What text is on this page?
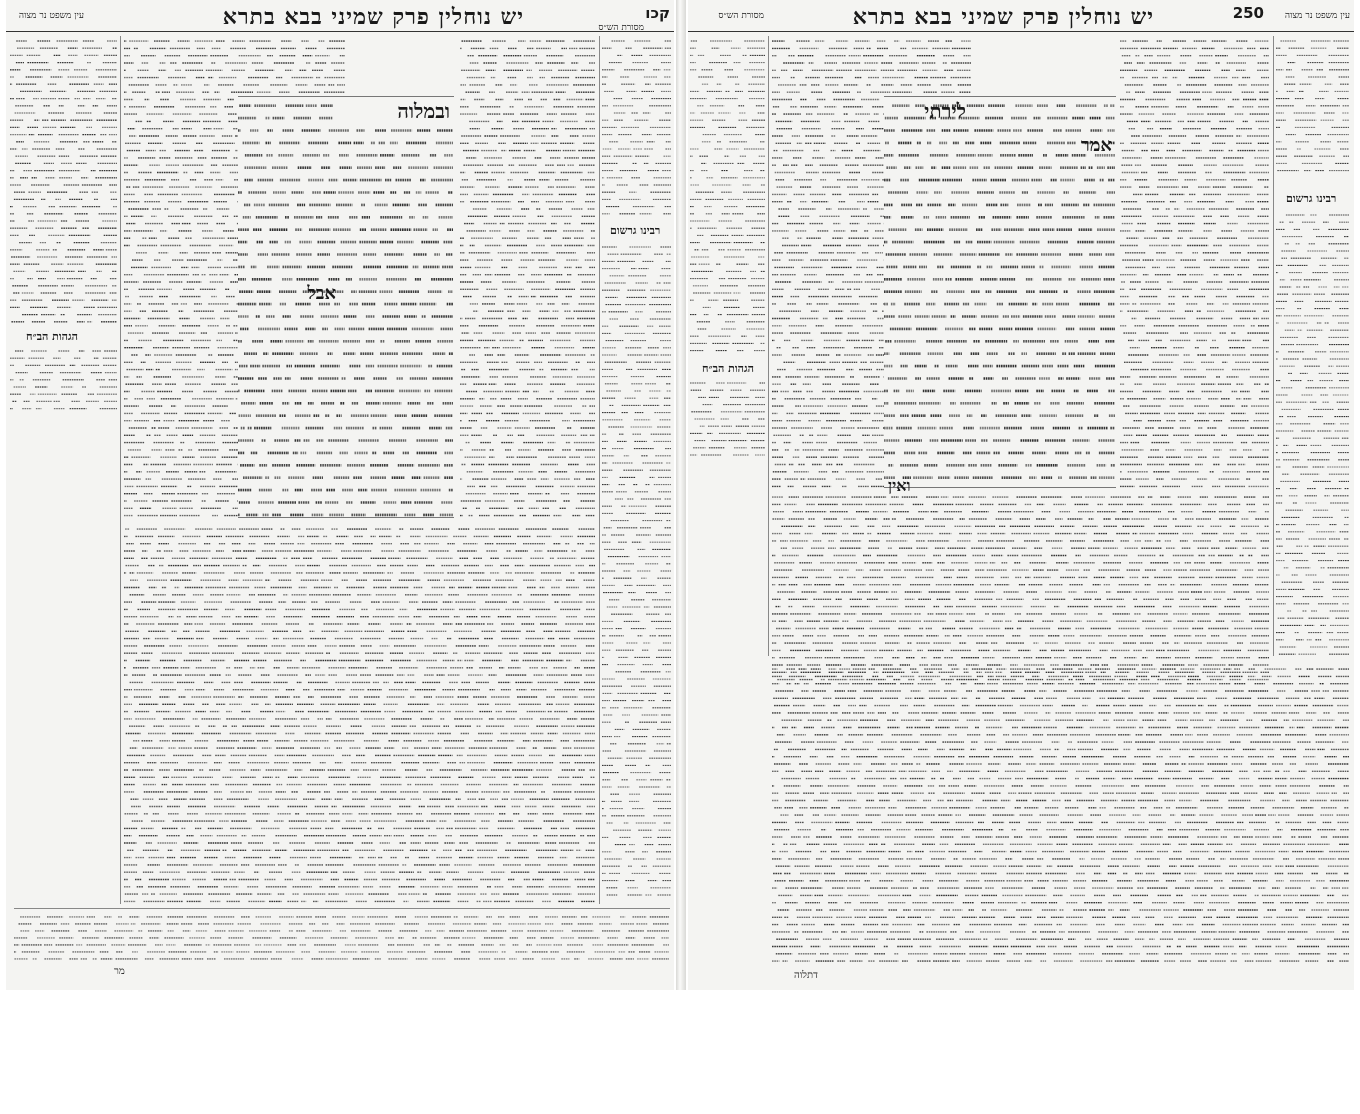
עין משפט נר מצוה	יש נוחלין פרק שמיני בבא בתרא	קכו
מסורת הש״ס
הגהות הב״ח
רבינו גרשום
ובמלוה
אבל
מר
עין משפט נר מצוה
250
יש נוחלין פרק שמיני בבא בתרא
מסורת הש״ס
הגהות הב״ח
רבינו גרשום
לירתי
אמר
ואין
דתלוה
